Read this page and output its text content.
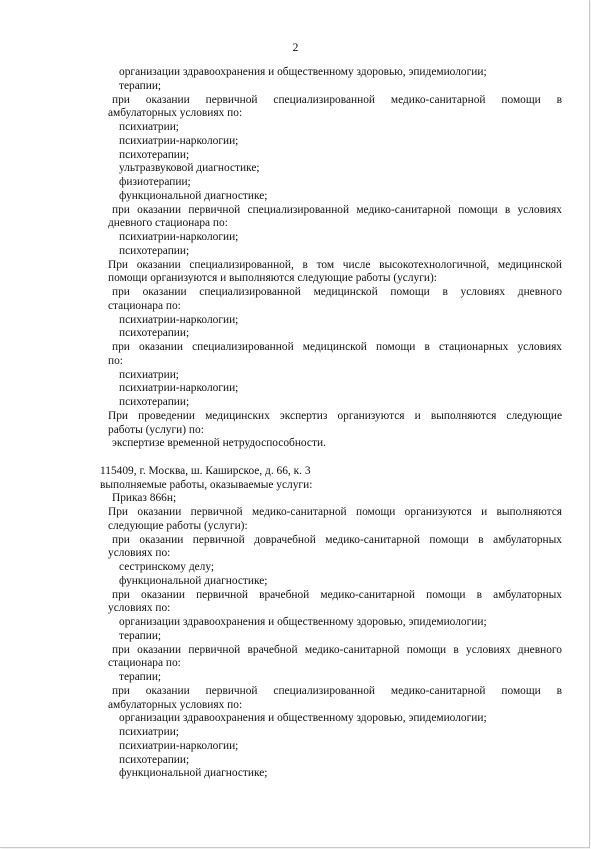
2
организации здравоохранения и общественному здоровью, эпидемиологии;
терапии;
при оказании первичной специализированной медико-санитарной помощи в
амбулаторных условиях по:
психиатрии;
психиатрии-наркологии;
психотерапии;
ультразвуковой диагностике;
физиотерапии;
функциональной диагностике;
при оказании первичной специализированной медико-санитарной помощи в условиях
дневного стационара по:
психиатрии-наркологии;
психотерапии;
При оказании специализированной, в том числе высокотехнологичной, медицинской
помощи организуются и выполняются следующие работы (услуги):
при оказании специализированной медицинской помощи в условиях дневного
стационара по:
психиатрии-наркологии;
психотерапии;
при оказании специализированной медицинской помощи в стационарных условиях
по:
психиатрии;
психиатрии-наркологии;
психотерапии;
При проведении медицинских экспертиз организуются и выполняются следующие
работы (услуги) по:
экспертизе временной нетрудоспособности.
115409, г. Москва, ш. Каширское, д. 66, к. 3
выполняемые работы, оказываемые услуги:
Приказ 866н;
При оказании первичной медико-санитарной помощи организуются и выполняются
следующие работы (услуги):
при оказании первичной доврачебной медико-санитарной помощи в амбулаторных
условиях по:
сестринскому делу;
функциональной диагностике;
при оказании первичной врачебной медико-санитарной помощи в амбулаторных
условиях по:
организации здравоохранения и общественному здоровью, эпидемиологии;
терапии;
при оказании первичной врачебной медико-санитарной помощи в условиях дневного
стационара по:
терапии;
при оказании первичной специализированной медико-санитарной помощи в
амбулаторных условиях по:
организации здравоохранения и общественному здоровью, эпидемиологии;
психиатрии;
психиатрии-наркологии;
психотерапии;
функциональной диагностике;
